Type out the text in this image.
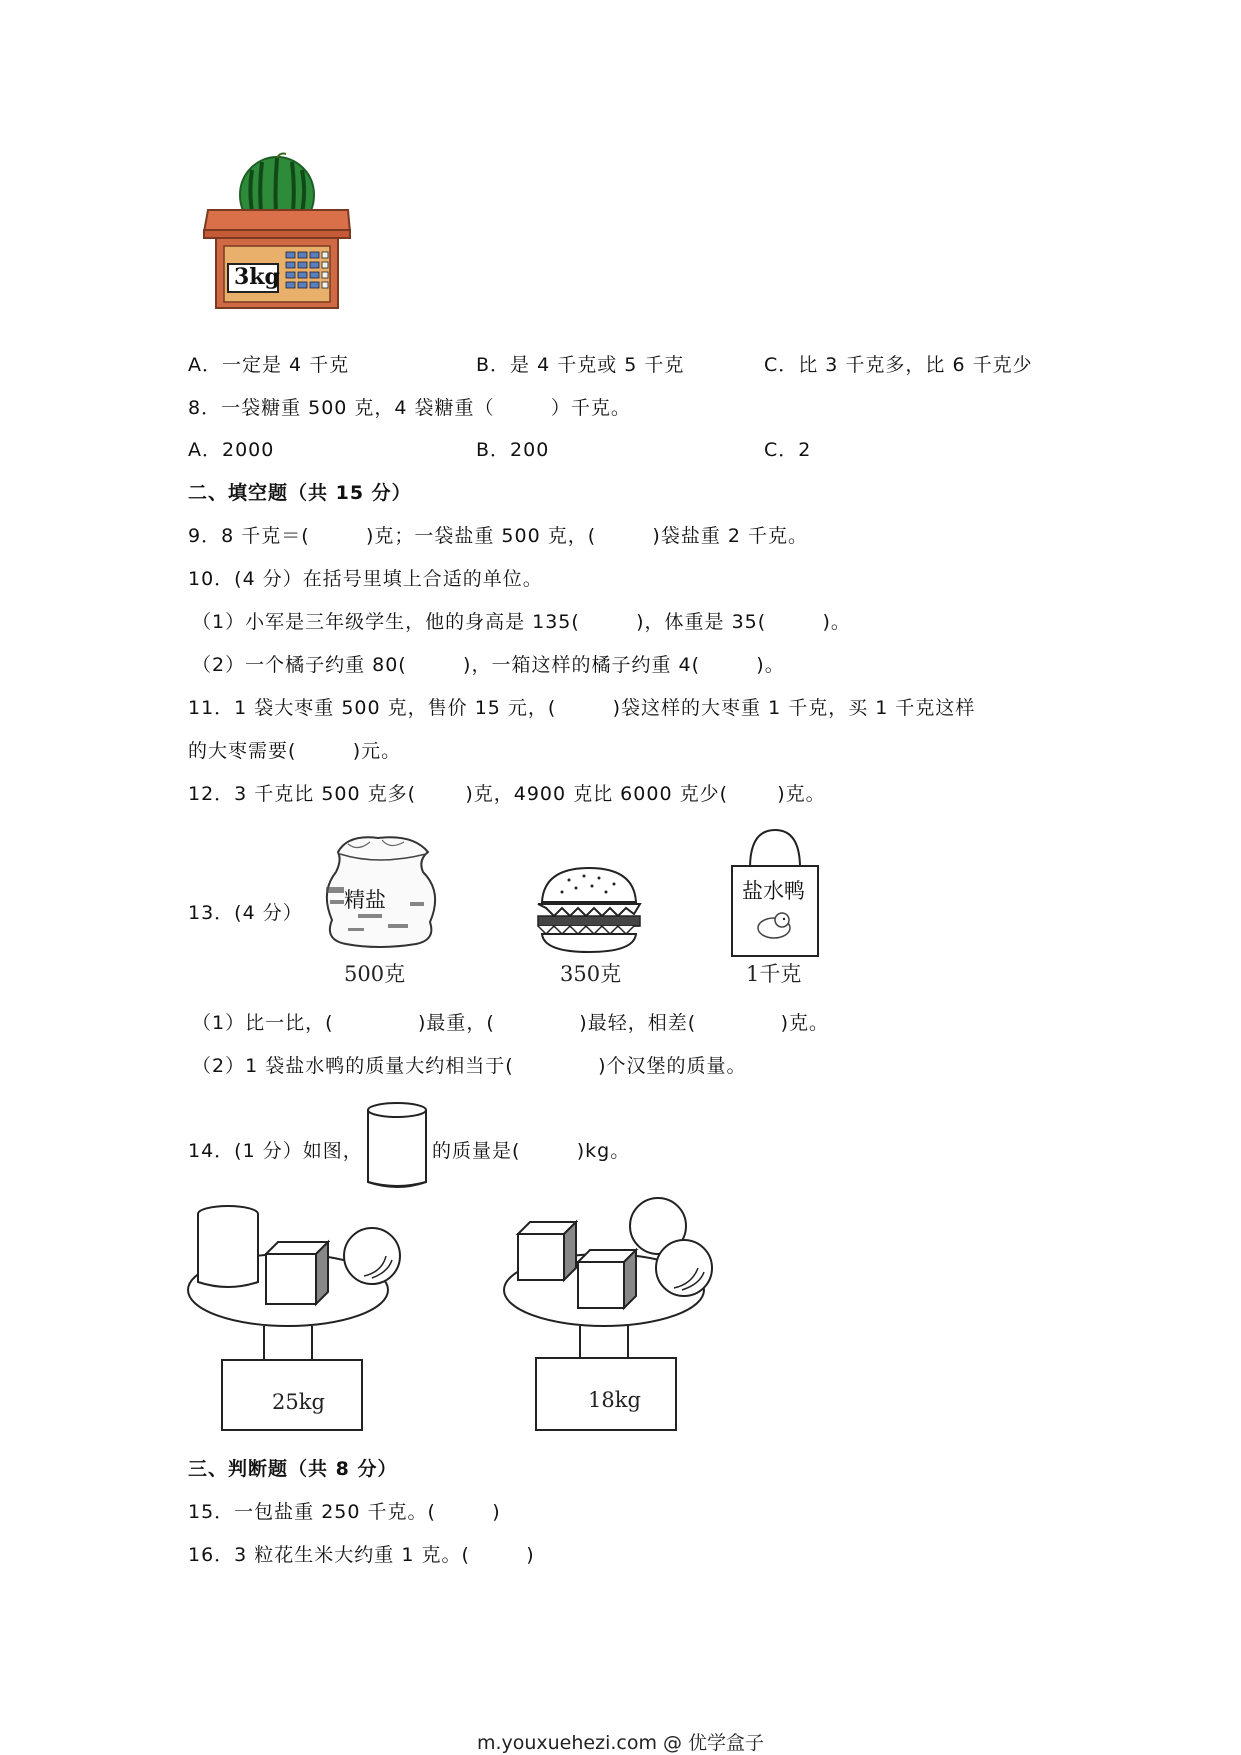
3kg
A．一定是 4 千克	B．是 4 千克或 5 千克	C．比 3 千克多，比 6 千克少
8．一袋糖重 500 克，4 袋糖重（        ）千克。
A．2000	B．200	C．2
二、填空题（共 15 分）
9．8 千克＝(        )克；一袋盐重 500 克，(        )袋盐重 2 千克。
10．(4 分）在括号里填上合适的单位。
（1）小军是三年级学生，他的身高是 135(        )，体重是 35(        )。
（2）一个橘子约重 80(        )，一箱这样的橘子约重 4(        )。
11．1 袋大枣重 500 克，售价 15 元，(        )袋这样的大枣重 1 千克，买 1 千克这样
的大枣需要(        )元。
12．3 千克比 500 克多(       )克，4900 克比 6000 克少(       )克。
13．(4 分）
精盐
500克	350克
盐水鸭
1千克
（1）比一比，(            )最重，(            )最轻，相差(            )克。
（2）1 袋盐水鸭的质量大约相当于(            )个汉堡的质量。
14．(1 分）如图，	的质量是(        )kg。
25kg	18kg
三、判断题（共 8 分）
15．一包盐重 250 千克。(        )
16．3 粒花生米大约重 1 克。(        )
m.youxuehezi.com @ 优学盒子
